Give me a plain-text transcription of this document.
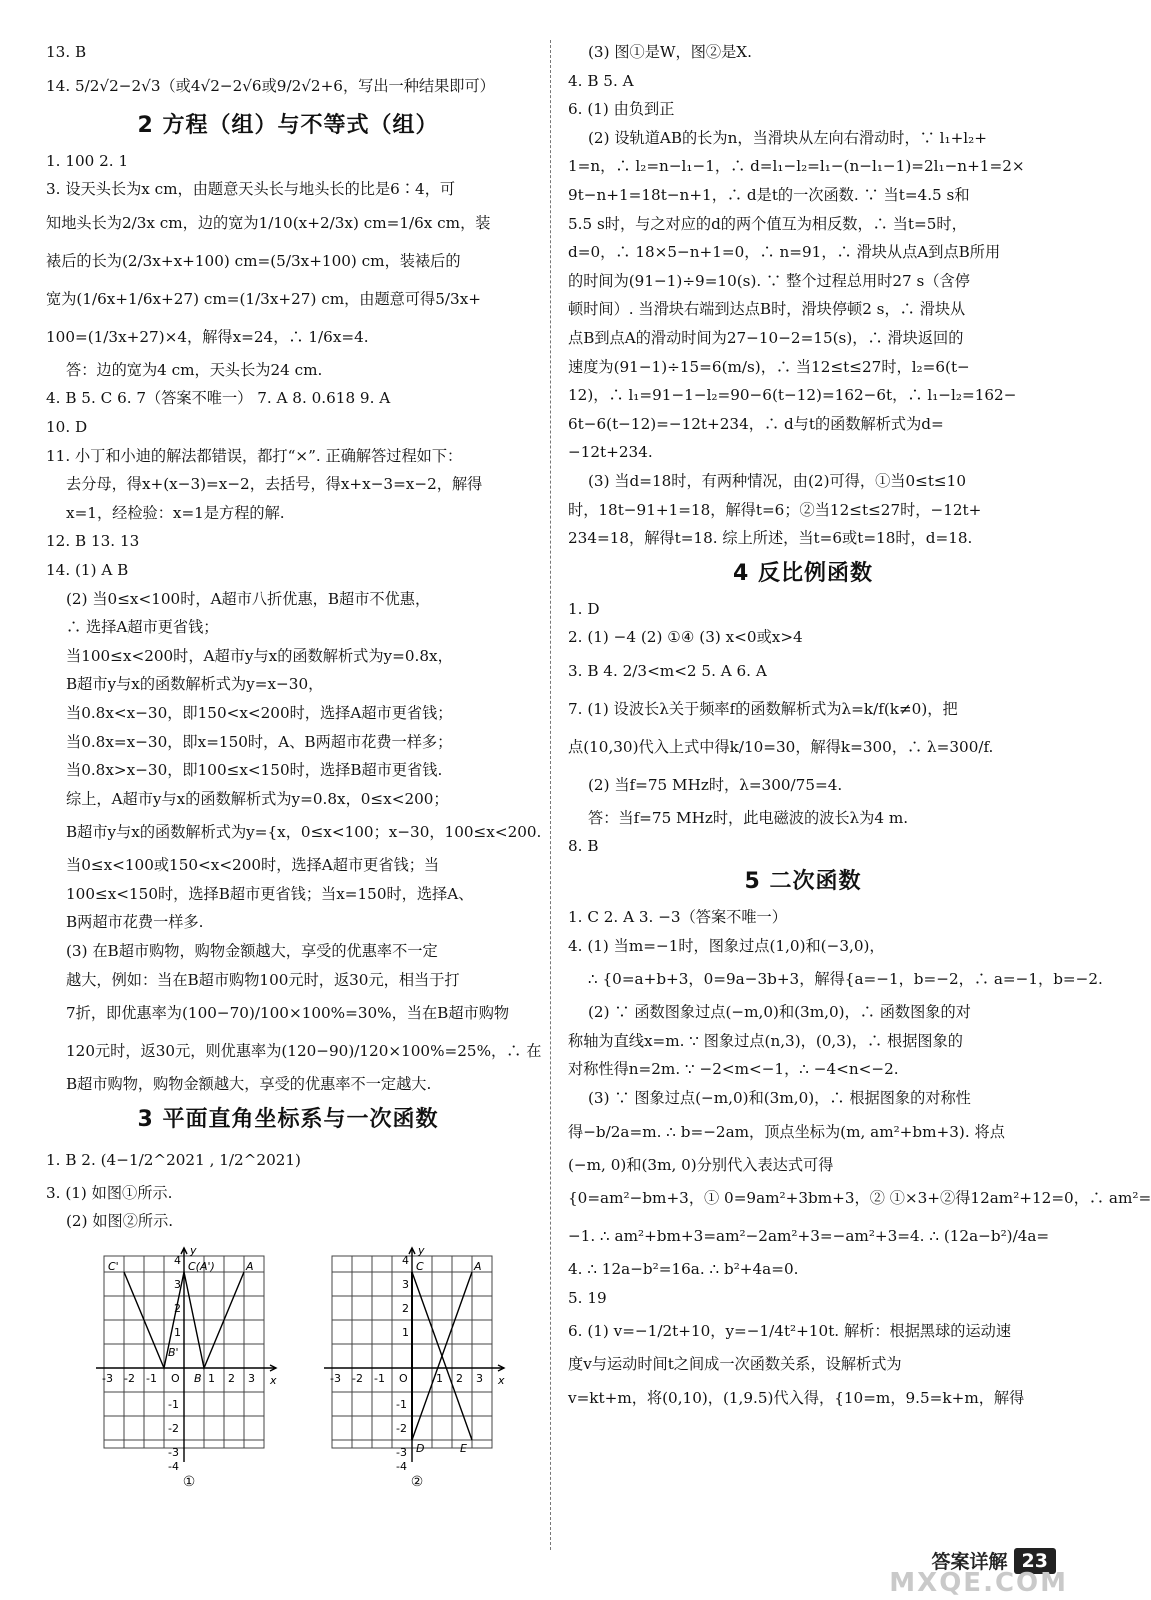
13. B
14. 5/2√2−2√3（或4√2−2√6或9/2√2+6，写出一种结果即可）
2 方程（组）与不等式（组）
1. 100 2. 1
3. 设天头长为x cm，由题意天头长与地头长的比是6∶4，可
知地头长为2/3x cm，边的宽为1/10(x+2/3x) cm=1/6x cm，装
裱后的长为(2/3x+x+100) cm=(5/3x+100) cm，装裱后的
宽为(1/6x+1/6x+27) cm=(1/3x+27) cm，由题意可得5/3x+
100=(1/3x+27)×4，解得x=24，∴ 1/6x=4.
答：边的宽为4 cm，天头长为24 cm.
4. B 5. C 6. 7（答案不唯一） 7. A 8. 0.618 9. A
10. D
11. 小丁和小迪的解法都错误，都打“×”. 正确解答过程如下：
去分母，得x+(x−3)=x−2，去括号，得x+x−3=x−2，解得
x=1，经检验：x=1是方程的解.
12. B 13. 13
14. (1) A B
(2) 当0≤x<100时，A超市八折优惠，B超市不优惠，
∴ 选择A超市更省钱；
当100≤x<200时，A超市y与x的函数解析式为y=0.8x，
B超市y与x的函数解析式为y=x−30，
当0.8x<x−30，即150<x<200时，选择A超市更省钱；
当0.8x=x−30，即x=150时，A、B两超市花费一样多；
当0.8x>x−30，即100≤x<150时，选择B超市更省钱.
综上，A超市y与x的函数解析式为y=0.8x，0≤x<200；
B超市y与x的函数解析式为y={x，0≤x<100；x−30，100≤x<200.
当0≤x<100或150<x<200时，选择A超市更省钱；当
100≤x<150时，选择B超市更省钱；当x=150时，选择A、
B两超市花费一样多.
(3) 在B超市购物，购物金额越大，享受的优惠率不一定
越大，例如：当在B超市购物100元时，返30元，相当于打
7折，即优惠率为(100−70)/100×100%=30%，当在B超市购物
120元时，返30元，则优惠率为(120−90)/120×100%=25%，∴ 在
B超市购物，购物金额越大，享受的优惠率不一定越大.
3 平面直角坐标系与一次函数
1. B 2. (4−1/2^2021 , 1/2^2021)
3. (1) 如图①所示.
(2) 如图②所示.
-3 -2 -1 O	1 2 3
4
3
2
1
-1
-2
-3
-4
x
y
C'	C(A')	A
B'
B
①
-3 -2 -1 O	1 2 3
4
3
2
1
-1
-2
-3
-4
x
y
C	A
D	E
②
(3) 图①是W，图②是X.
4. B 5. A
6. (1) 由负到正
(2) 设轨道AB的长为n，当滑块从左向右滑动时，∵ l₁+l₂+
1=n，∴ l₂=n−l₁−1，∴ d=l₁−l₂=l₁−(n−l₁−1)=2l₁−n+1=2×
9t−n+1=18t−n+1，∴ d是t的一次函数. ∵ 当t=4.5 s和
5.5 s时，与之对应的d的两个值互为相反数，∴ 当t=5时，
d=0，∴ 18×5−n+1=0，∴ n=91，∴ 滑块从点A到点B所用
的时间为(91−1)÷9=10(s). ∵ 整个过程总用时27 s（含停
顿时间）. 当滑块右端到达点B时，滑块停顿2 s，∴ 滑块从
点B到点A的滑动时间为27−10−2=15(s)，∴ 滑块返回的
速度为(91−1)÷15=6(m/s)，∴ 当12≤t≤27时，l₂=6(t−
12)，∴ l₁=91−1−l₂=90−6(t−12)=162−6t，∴ l₁−l₂=162−
6t−6(t−12)=−12t+234，∴ d与t的函数解析式为d=
−12t+234.
(3) 当d=18时，有两种情况，由(2)可得，①当0≤t≤10
时，18t−91+1=18，解得t=6；②当12≤t≤27时，−12t+
234=18，解得t=18. 综上所述，当t=6或t=18时，d=18.
4 反比例函数
1. D
2. (1) −4 (2) ①④ (3) x<0或x>4
3. B 4. 2/3<m<2 5. A 6. A
7. (1) 设波长λ关于频率f的函数解析式为λ=k/f(k≠0)，把
点(10,30)代入上式中得k/10=30，解得k=300，∴ λ=300/f.
(2) 当f=75 MHz时，λ=300/75=4.
答：当f=75 MHz时，此电磁波的波长λ为4 m.
8. B
5 二次函数
1. C 2. A 3. −3（答案不唯一）
4. (1) 当m=−1时，图象过点(1,0)和(−3,0)，
∴ {0=a+b+3，0=9a−3b+3，解得{a=−1，b=−2，∴ a=−1，b=−2.
(2) ∵ 函数图象过点(−m,0)和(3m,0)，∴ 函数图象的对
称轴为直线x=m. ∵ 图象过点(n,3)，(0,3)，∴ 根据图象的
对称性得n=2m. ∵ −2<m<−1，∴ −4<n<−2.
(3) ∵ 图象过点(−m,0)和(3m,0)，∴ 根据图象的对称性
得−b/2a=m. ∴ b=−2am，顶点坐标为(m, am²+bm+3). 将点
(−m, 0)和(3m, 0)分别代入表达式可得
{0=am²−bm+3，① 0=9am²+3bm+3，② ①×3+②得12am²+12=0，∴ am²=
−1. ∴ am²+bm+3=am²−2am²+3=−am²+3=4. ∴ (12a−b²)/4a=
4. ∴ 12a−b²=16a. ∴ b²+4a=0.
5. 19
6. (1) v=−1/2t+10，y=−1/4t²+10t. 解析：根据黑球的运动速
度v与运动时间t之间成一次函数关系，设解析式为
v=kt+m，将(0,10)，(1,9.5)代入得，{10=m，9.5=k+m，解得
答案详解 23
MXQE.COM
